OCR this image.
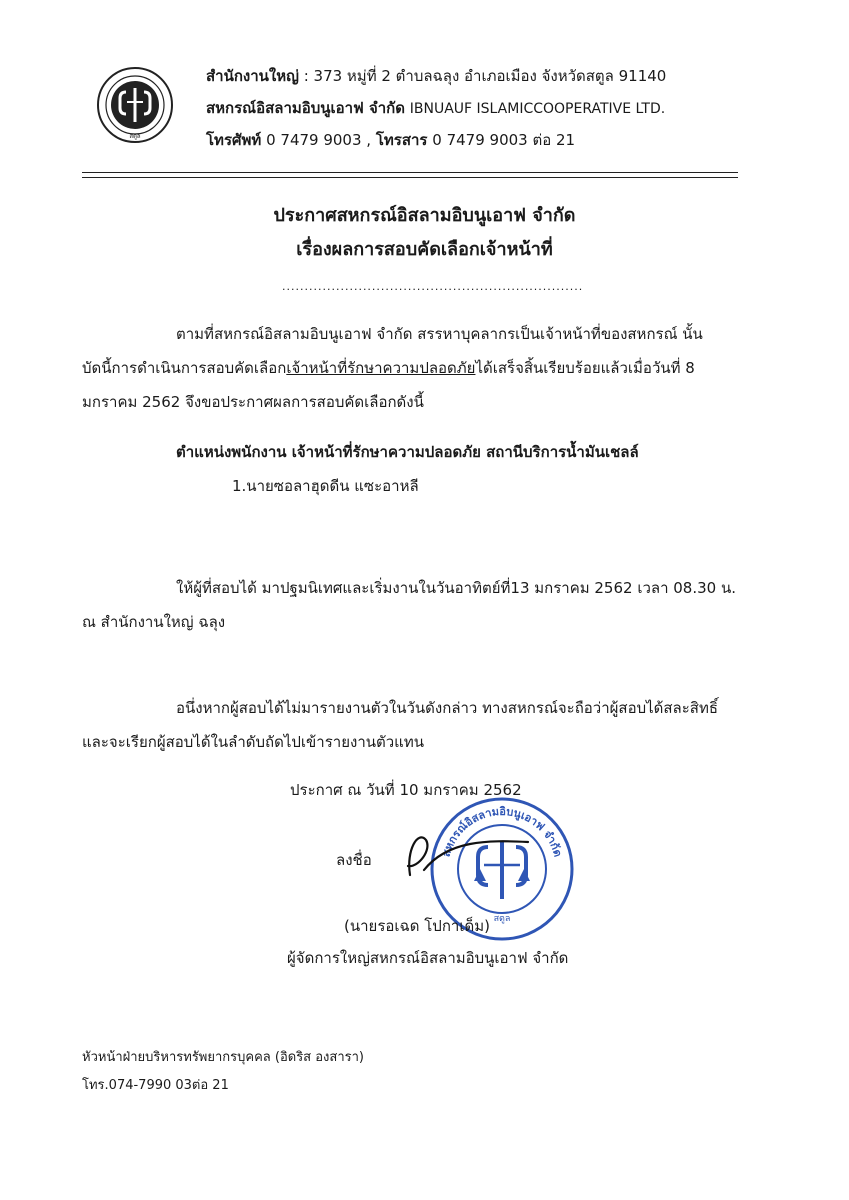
สตูล
สำนักงานใหญ่ : 373 หมู่ที่ 2 ตำบลฉลุง อำเภอเมือง จังหวัดสตูล 91140
สหกรณ์อิสลามอิบนูเอาฟ จำกัด IBNUAUF ISLAMICCOOPERATIVE LTD.
โทรศัพท์ 0 7479 9003 , โทรสาร 0 7479 9003 ต่อ 21
ประกาศสหกรณ์อิสลามอิบนูเอาฟ จำกัด
เรื่องผลการสอบคัดเลือกเจ้าหน้าที่
...................................................................
ตามที่สหกรณ์อิสลามอิบนูเอาฟ จำกัด สรรหาบุคลากรเป็นเจ้าหน้าที่ของสหกรณ์ นั้น
บัดนี้การดำเนินการสอบคัดเลือกเจ้าหน้าที่รักษาความปลอดภัยได้เสร็จสิ้นเรียบร้อยแล้วเมื่อวันที่ 8
มกราคม 2562 จึงขอประกาศผลการสอบคัดเลือกดังนี้
ตำแหน่งพนักงาน เจ้าหน้าที่รักษาความปลอดภัย สถานีบริการน้ำมันเชลล์
1.นายซอลาฮุดดีน แซะอาหลี
ให้ผู้ที่สอบได้ มาปฐมนิเทศและเริ่มงานในวันอาทิตย์ที่13 มกราคม 2562 เวลา 08.30 น.
ณ สำนักงานใหญ่ ฉลุง
อนึ่งหากผู้สอบได้ไม่มารายงานตัวในวันดังกล่าว ทางสหกรณ์จะถือว่าผู้สอบได้สละสิทธิ์
และจะเรียกผู้สอบได้ในลำดับถัดไปเข้ารายงานตัวแทน
ประกาศ ณ วันที่ 10 มกราคม 2562
สหกรณ์อิสลามอิบนูเอาฟ จำกัด
สตูล
ลงชื่อ
(นายรอเฉด โปกาเด็ม)
ผู้จัดการใหญ่สหกรณ์อิสลามอิบนูเอาฟ จำกัด
หัวหน้าฝ่ายบริหารทรัพยากรบุคคล (อิดริส องสารา)
โทร.074-7990 03ต่อ 21
